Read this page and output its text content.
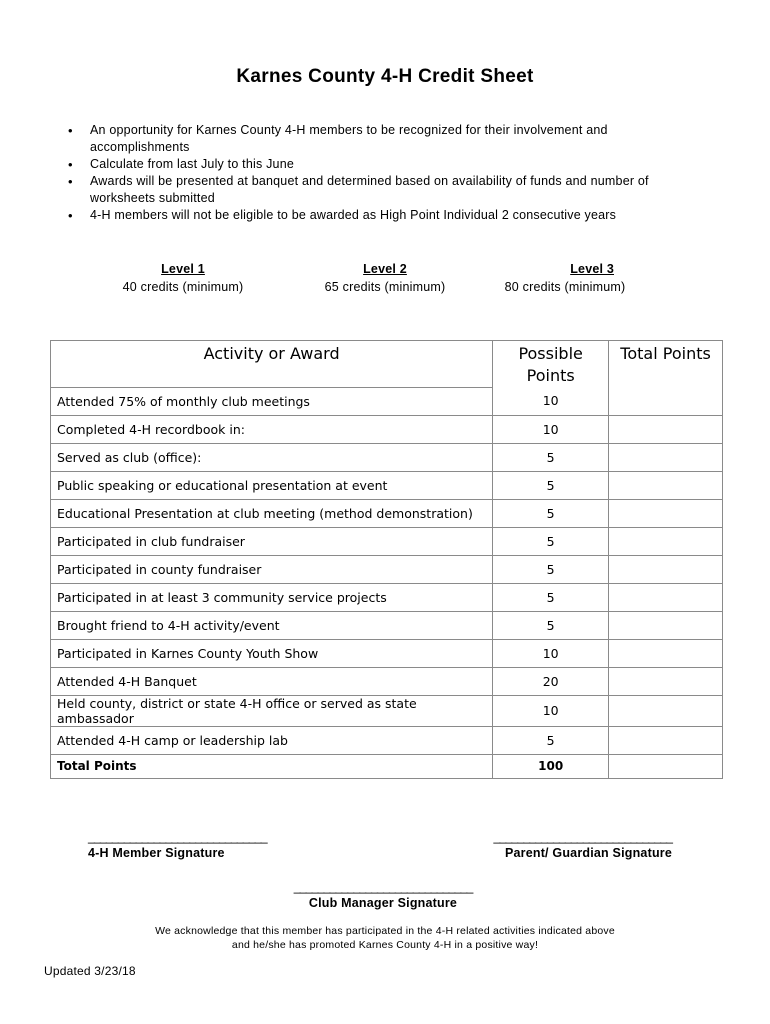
Karnes County 4-H Credit Sheet
• An opportunity for Karnes County 4-H members to be recognized for their involvement and accomplishments
• Calculate from last July to this June
• Awards will be presented at banquet and determined based on availability of funds and number of worksheets submitted
• 4-H members will not be eligible to be awarded as High Point Individual 2 consecutive years
Level 1
40 credits (minimum)
Level 2
65 credits (minimum)
Level 3
80 credits (minimum)
Activity or Award	Possible Points	Total Points
Attended 75% of monthly club meetings	10	
Completed 4-H recordbook in:	10	
Served as club (office):	5	
Public speaking or educational presentation at event	5	
Educational Presentation at club meeting (method demonstration)	5	
Participated in club fundraiser	5	
Participated in county fundraiser	5	
Participated in at least 3 community service projects	5	
Brought friend to 4-H activity/event	5	
Participated in Karnes County Youth Show	10	
Attended 4-H Banquet	20	
Held county, district or state 4-H office or served as state ambassador	10	
Attended 4-H camp or leadership lab	5	
Total Points	100	
______________________________
4-H Member Signature
______________________________
Parent/ Guardian Signature
______________________________
Club Manager Signature
We acknowledge that this member has participated in the 4-H related activities indicated above
and he/she has promoted Karnes County 4-H in a positive way!
Updated 3/23/18
